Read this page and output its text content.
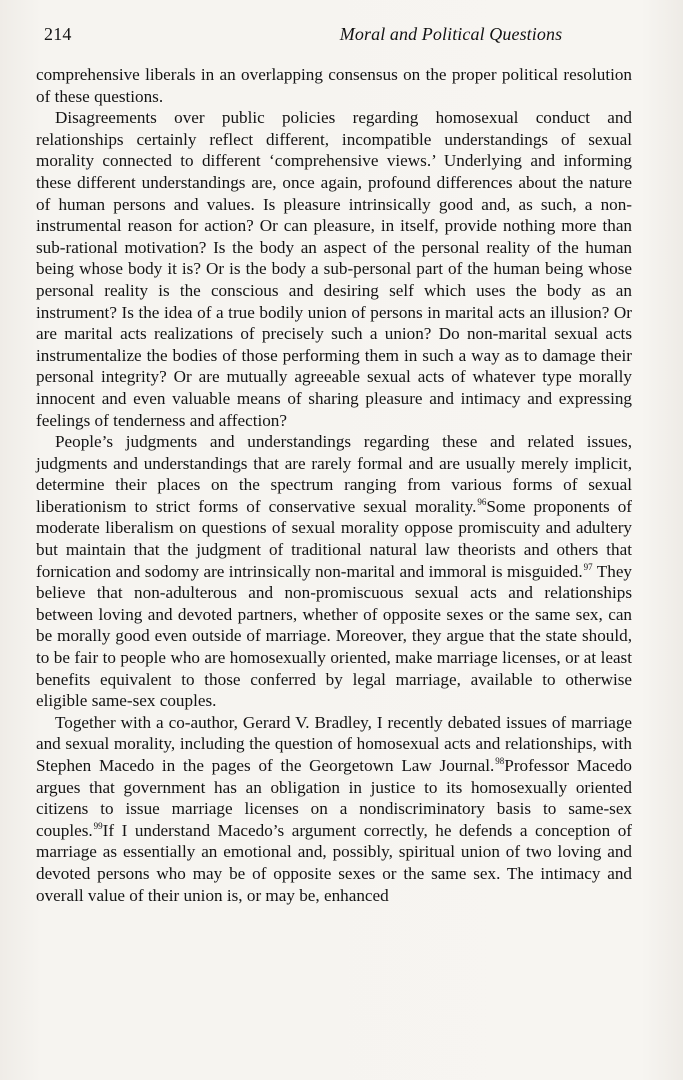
214	Moral and Political Questions

comprehensive liberals in an overlapping consensus on the proper political resolution of these questions.

Disagreements over public policies regarding homosexual conduct and relationships certainly reflect different, incompatible understandings of sexual morality connected to different ‘comprehensive views.’ Underlying and informing these different understandings are, once again, profound differences about the nature of human persons and values. Is pleasure intrinsically good and, as such, a non-instrumental reason for action? Or can pleasure, in itself, provide nothing more than sub-rational motivation? Is the body an aspect of the personal reality of the human being whose body it is? Or is the body a sub-personal part of the human being whose personal reality is the conscious and desiring self which uses the body as an instrument? Is the idea of a true bodily union of persons in marital acts an illusion? Or are marital acts realizations of precisely such a union? Do non-marital sexual acts instrumentalize the bodies of those performing them in such a way as to damage their personal integrity? Or are mutually agreeable sexual acts of whatever type morally innocent and even valuable means of sharing pleasure and intimacy and expressing feelings of tenderness and affection?

People’s judgments and understandings regarding these and related issues, judgments and understandings that are rarely formal and are usually merely implicit, determine their places on the spectrum ranging from various forms of sexual liberationism to strict forms of conservative sexual morality.$^{96}$Some proponents of moderate liberalism on questions of sexual morality oppose promiscuity and adultery but maintain that the judgment of traditional natural law theorists and others that fornication and sodomy are intrinsically non-marital and immoral is misguided.$^{97}$ They believe that non-adulterous and non-promiscuous sexual acts and relationships between loving and devoted partners, whether of opposite sexes or the same sex, can be morally good even outside of marriage. Moreover, they argue that the state should, to be fair to people who are homosexually oriented, make marriage licenses, or at least benefits equivalent to those conferred by legal marriage, available to otherwise eligible same-sex couples.

Together with a co-author, Gerard V. Bradley, I recently debated issues of marriage and sexual morality, including the question of homosexual acts and relationships, with Stephen Macedo in the pages of the Georgetown Law Journal.$^{98}$Professor Macedo argues that government has an obligation in justice to its homosexually oriented citizens to issue marriage licenses on a nondiscriminatory basis to same-sex couples.$^{99}$If I understand Macedo’s argument correctly, he defends a conception of marriage as essentially an emotional and, possibly, spiritual union of two loving and devoted persons who may be of opposite sexes or the same sex. The intimacy and overall value of their union is, or may be, enhanced
